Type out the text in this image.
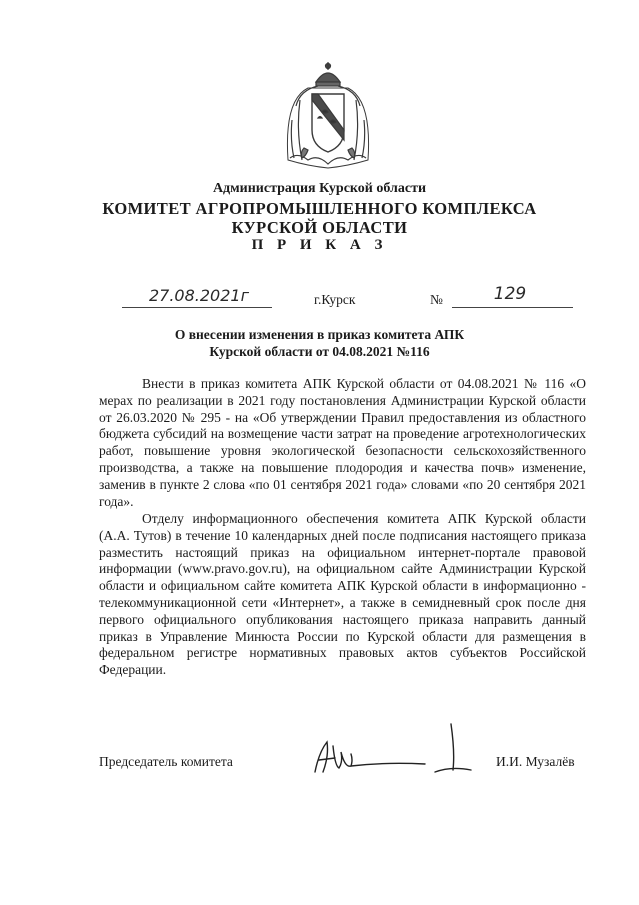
Администрация Курской области
КОМИТЕТ АГРОПРОМЫШЛЕННОГО КОМПЛЕКСА
КУРСКОЙ ОБЛАСТИ
П Р И К А З
27.08.2021г	г.Курск	№	129
О внесении изменения в приказ комитета АПК
Курской области от 04.08.2021 №116
Внести в приказ комитета АПК Курской области от 04.08.2021 № 116 «О мерах по реализации в 2021 году постановления Администрации Курской области от 26.03.2020 № 295 - на «Об утверждении Правил предоставления из областного бюджета субсидий на возмещение части затрат на проведение агротехнологических работ, повышение уровня экологической безопасности сельскохозяйственного производства, а также на повышение плодородия и качества почв» изменение, заменив в пункте 2 слова «по 01 сентября 2021 года» словами «по 20 сентября 2021 года».
Отделу информационного обеспечения комитета АПК Курской области (А.А. Тутов) в течение 10 календарных дней после подписания настоящего приказа разместить настоящий приказ на официальном интернет-портале правовой информации (www.pravo.gov.ru), на официальном сайте Администрации Курской области и официальном сайте комитета АПК Курской области в информационно - телекоммуникационной сети «Интернет», а также в семидневный срок после дня первого официального опубликования настоящего приказа направить данный приказ в Управление Минюста России по Курской области для размещения в федеральном регистре нормативных правовых актов субъектов Российской Федерации.
Председатель комитета	И.И. Музалёв
